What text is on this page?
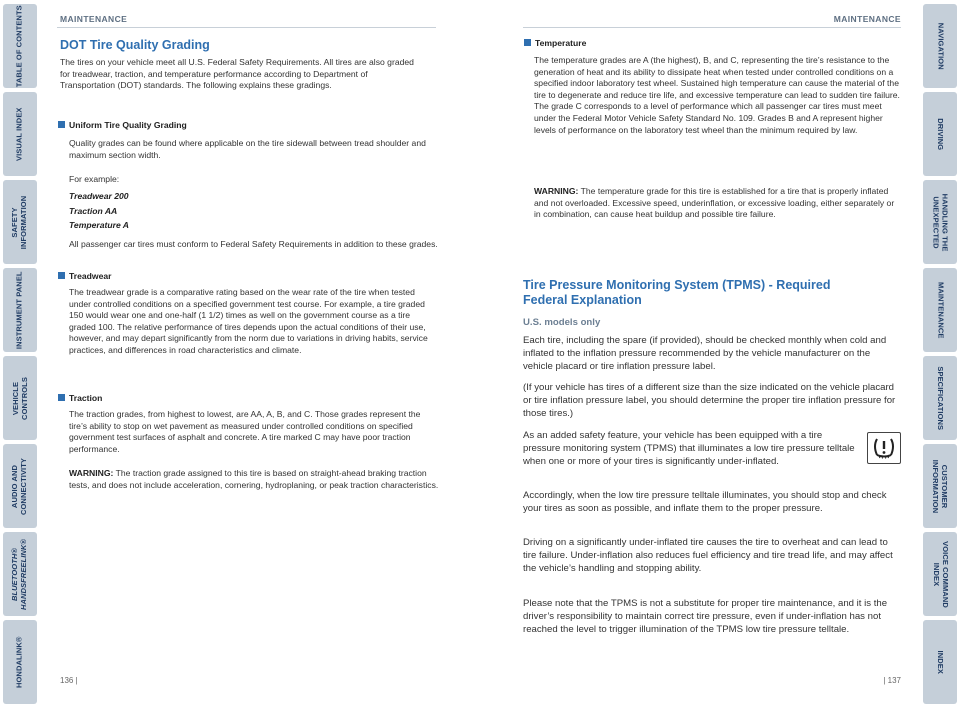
TABLE OF CONTENTS
VISUAL INDEX
SAFETY
INFORMATION
INSTRUMENT PANEL
VEHICLE
CONTROLS
AUDIO AND
CONNECTIVITY
BLUETOOTH®
HANDSFREELINK®
HONDALINK®
NAVIGATION
DRIVING
HANDLING THE
UNEXPECTED
MAINTENANCE
SPECIFICATIONS
CUSTOMER
INFORMATION
VOICE COMMAND
INDEX
INDEX
MAINTENANCE
DOT Tire Quality Grading

The tires on your vehicle meet all U.S. Federal Safety Requirements. All tires are also graded for treadwear, traction, and temperature performance according to Department of Transportation (DOT) standards. The following explains these gradings.

Uniform Tire Quality Grading

Quality grades can be found where applicable on the tire sidewall between tread shoulder and maximum section width.

For example:

Treadwear 200
Traction AA
Temperature A

All passenger car tires must conform to Federal Safety Requirements in addition to these grades.

Treadwear

The treadwear grade is a comparative rating based on the wear rate of the tire when tested under controlled conditions on a specified government test course. For example, a tire graded 150 would wear one and one-half (1 1/2) times as well on the government course as a tire graded 100. The relative performance of tires depends upon the actual conditions of their use, however, and may depart significantly from the norm due to variations in driving habits, service practices, and differences in road characteristics and climate.

Traction

The traction grades, from highest to lowest, are AA, A, B, and C. Those grades represent the tire’s ability to stop on wet pavement as measured under controlled conditions on specified government test surfaces of asphalt and concrete. A tire marked C may have poor traction performance.

WARNING: The traction grade assigned to this tire is based on straight-ahead braking traction tests, and does not include acceleration, cornering, hydroplaning, or peak traction characteristics.

136 |
MAINTENANCE
Temperature

The temperature grades are A (the highest), B, and C, representing the tire’s resistance to the generation of heat and its ability to dissipate heat when tested under controlled conditions on a specified indoor laboratory test wheel. Sustained high temperature can cause the material of the tire to degenerate and reduce tire life, and excessive temperature can lead to sudden tire failure. The grade C corresponds to a level of performance which all passenger car tires must meet under the Federal Motor Vehicle Safety Standard No. 109. Grades B and A represent higher levels of performance on the laboratory test wheel than the minimum required by law.

WARNING: The temperature grade for this tire is established for a tire that is properly inflated and not overloaded. Excessive speed, underinflation, or excessive loading, either separately or in combination, can cause heat buildup and possible tire failure.

Tire Pressure Monitoring System (TPMS) - Required Federal Explanation
U.S. models only

Each tire, including the spare (if provided), should be checked monthly when cold and inflated to the inflation pressure recommended by the vehicle manufacturer on the vehicle placard or tire inflation pressure label.

(If your vehicle has tires of a different size than the size indicated on the vehicle placard or tire inflation pressure label, you should determine the proper tire inflation pressure for those tires.)

As an added safety feature, your vehicle has been equipped with a tire pressure monitoring system (TPMS) that illuminates a low tire pressure telltale when one or more of your tires is significantly under-inflated.

Accordingly, when the low tire pressure telltale illuminates, you should stop and check your tires as soon as possible, and inflate them to the proper pressure.

Driving on a significantly under-inflated tire causes the tire to overheat and can lead to tire failure. Under-inflation also reduces fuel efficiency and tire tread life, and may affect the vehicle’s handling and stopping ability.

Please note that the TPMS is not a substitute for proper tire maintenance, and it is the driver’s responsibility to maintain correct tire pressure, even if under-inflation has not reached the level to trigger illumination of the TPMS low tire pressure telltale.

| 137
